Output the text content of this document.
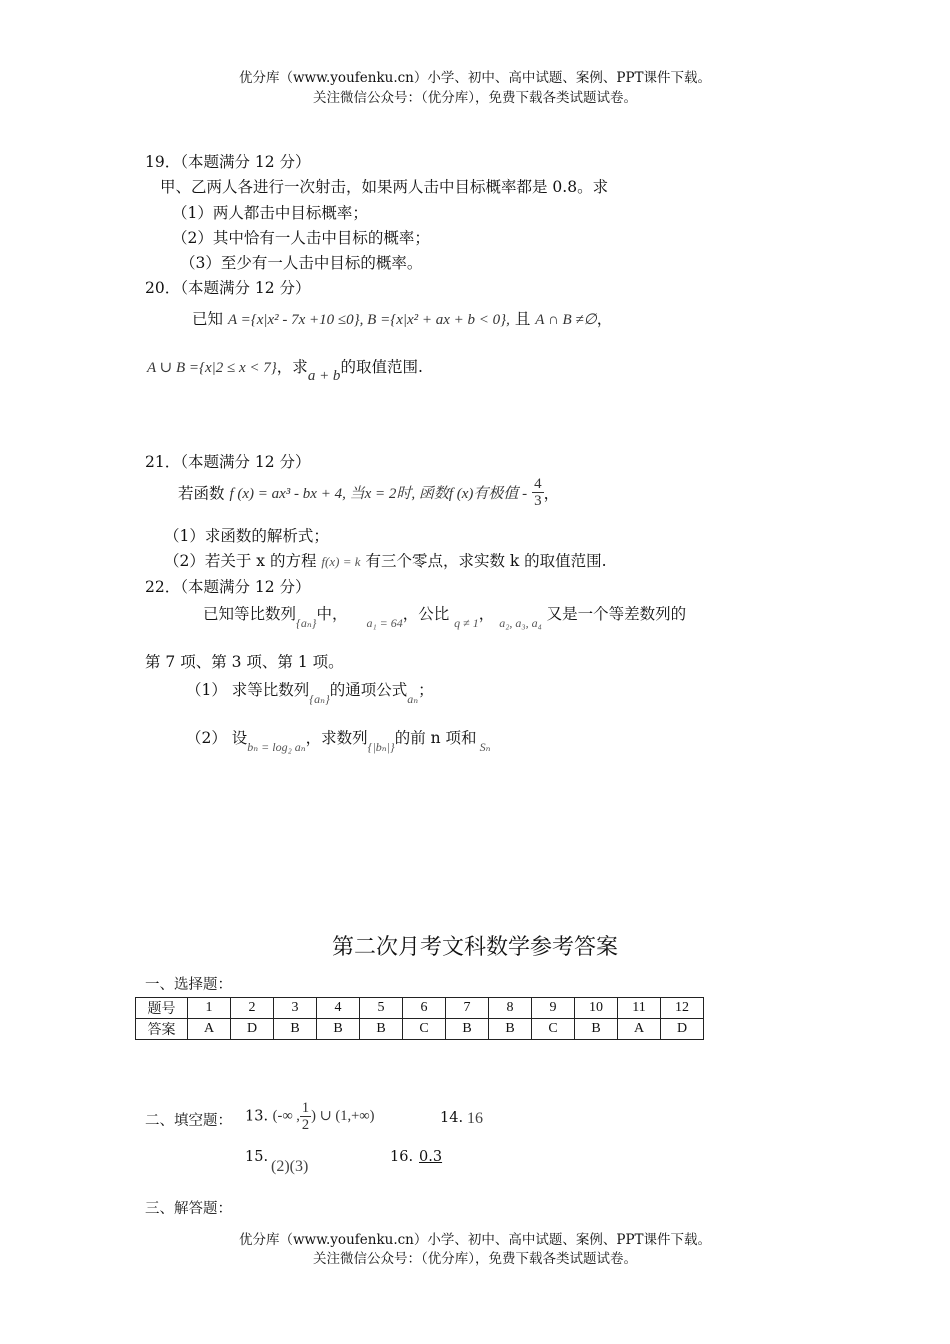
优分库（www.youfenku.cn）小学、初中、高中试题、案例、PPT课件下载。
关注微信公众号：（优分库），免费下载各类试题试卷。
19．（本题满分 12 分）
甲、乙两人各进行一次射击，如果两人击中目标概率都是 0.8。求
（1）两人都击中目标概率；
（2）其中恰有一人击中目标的概率；
（3）至少有一人击中目标的概率。
20．（本题满分 12 分）
已知 A ={x|x² - 7x +10 ≤0}, B ={x|x² + ax + b < 0}, 且 A ∩ B ≠∅，
A ∪ B ={x|2 ≤ x < 7}，求a + b的取值范围.
21．（本题满分 12 分）
若函数 f (x) = ax³ - bx + 4, 当x = 2时, 函数f (x)有极值 - $\frac{4}{3}$ ，
（1）求函数的解析式；
（2）若关于 x 的方程 f(x) = k 有三个零点，求实数 k 的取值范围.
22．（本题满分 12 分）
已知等比数列$_{\{a_n\}}$中， $_{a_1 = 64}$，公比 $_{q \ne 1}$， $_{a_2, a_3, a_4}$ 又是一个等差数列的
第 7 项、第 3 项、第 1 项。
（1） 求等比数列$_{\{a_n\}}$的通项公式$_{a_n}$；
（2） 设$_{b_n = log_2 a_n}$，求数列$_{\{|b_n|\}}$的前 n 项和 $_{S_n}$
第二次月考文科数学参考答案
一、选择题：
题号	1	2	3	4	5	6	7	8	9	10	11	12
答案	A	D	B	B	B	C	B	B	C	B	A	D
二、填空题： 13. (-∞ , $\frac{1}{2}$ ) ∪ (1,+∞)	14. 16
15.
(2)(3)
16. 0.3
三、解答题：
优分库（www.youfenku.cn）小学、初中、高中试题、案例、PPT课件下载。
关注微信公众号：（优分库），免费下载各类试题试卷。
